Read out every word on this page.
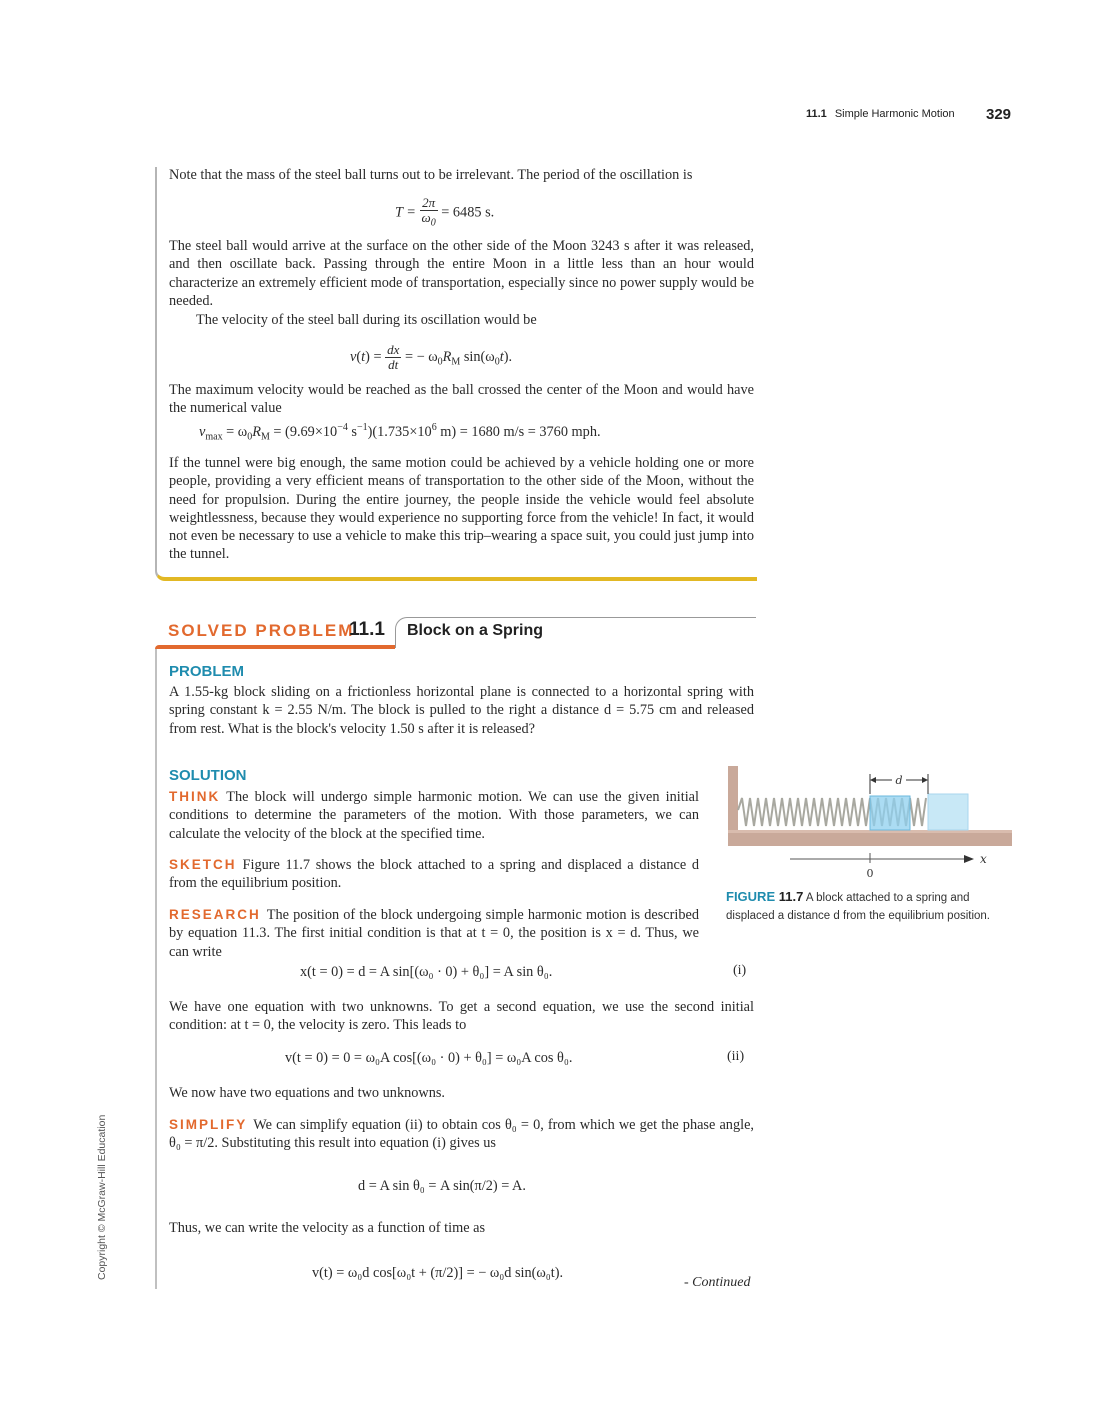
11.1 Simple Harmonic Motion 329

Note that the mass of the steel ball turns out to be irrelevant. The period of the oscillation is

$T = \frac{2\pi}{\omega_0} = 6485$ s.

The steel ball would arrive at the surface on the other side of the Moon 3243 s after it was released, and then oscillate back. Passing through the entire Moon in a little less than an hour would characterize an extremely efficient mode of transportation, especially since no power supply would be needed.

The velocity of the steel ball during its oscillation would be

$v(t) = \frac{dx}{dt}$ = − $\omega_0R_M$ $\sin(\omega_0t)$.

The maximum velocity would be reached as the ball crossed the center of the Moon and would have the numerical value

$v_{max} = \omega_0R_M = (9.69\times 10^{-4}$ $s^{-1})(1.735\times 10^6$ m) = 1680 m/s = 3760 mph.

If the tunnel were big enough, the same motion could be achieved by a vehicle holding one or more people, providing a very efficient means of transportation to the other side of the Moon, without the need for propulsion. During the entire journey, the people inside the vehicle would feel absolute weightlessness, because they would experience no supporting force from the vehicle! In fact, it would not even be necessary to use a vehicle to make this trip–wearing a space suit, you could just jump into the tunnel.

SOLVED PROBLEM
11.1 Block on a Spring
PROBLEM

A 1.55-kg block sliding on a frictionless horizontal plane is connected to a horizontal spring with spring constant k = 2.55 N/m. The block is pulled to the right a distance d = 5.75 cm and released from rest. What is the block's velocity 1.50 s after it is released?

SOLUTION

THINK The block will undergo simple harmonic motion. We can use the given initial conditions to determine the parameters of the motion. With those parameters, we can calculate the velocity of the block at the specified time.

SKETCH Figure 11.7 shows the block attached to a spring and displaced a distance d from the equilibrium position.

RESEARCH The position of the block undergoing simple harmonic motion is described by equation 11.3. The first initial condition is that at t = 0, the position is x = d. Thus, we can write

x(t = 0) = d = A sin[(ω₀ · 0) + θ₀] = A sin θ₀.	(i)

We have one equation with two unknowns. To get a second equation, we use the second initial condition: at t = 0, the velocity is zero. This leads to

v(t = 0) = 0 = ω₀A cos[(ω₀ · 0) + θ₀] = ω₀A cos θ₀.	(ii)

We now have two equations and two unknowns.

SIMPLIFY We can simplify equation (ii) to obtain cos θ₀ = 0, from which we get the phase angle, θ₀ = π/2. Substituting this result into equation (i) gives us

d = A sin θ₀ = A sin(π/2) = A.

Thus, we can write the velocity as a function of time as

v(t) = ω₀d cos[ω₀t + (π/2)] = − ω₀d sin(ω₀t).
- Continued
d
x
0
FIGURE 11.7 A block attached to a spring and displaced a distance d from the equilibrium position.
Copyright © McGraw-Hill Education
